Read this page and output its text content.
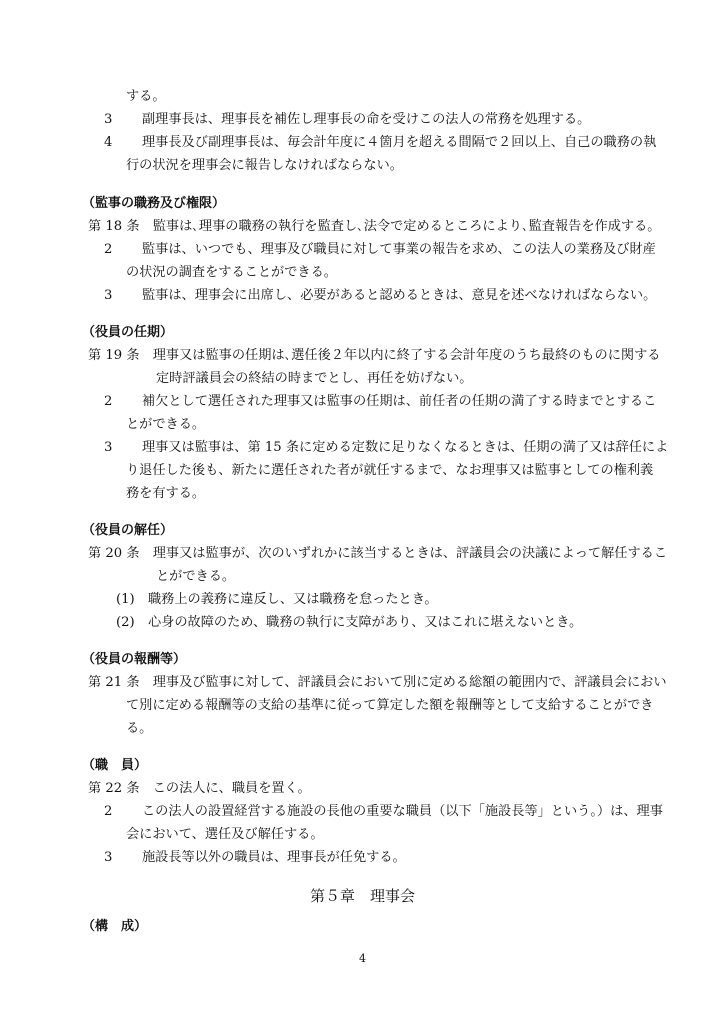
する。
3 副理事長は、理事長を補佐し理事長の命を受けこの法人の常務を処理する。
4 理事長及び副理事長は、毎会計年度に４箇月を超える間隔で２回以上、自己の職務の執
行の状況を理事会に報告しなければならない。
（監事の職務及び権限）
第 18 条　監事は､理事の職務の執行を監査し､法令で定めるところにより､監査報告を作成する。
2 監事は、いつでも、理事及び職員に対して事業の報告を求め、この法人の業務及び財産
の状況の調査をすることができる。
3 監事は、理事会に出席し、必要があると認めるときは、意見を述べなければならない。
（役員の任期）
第 19 条　理事又は監事の任期は､選任後２年以内に終了する会計年度のうち最終のものに関する
定時評議員会の終結の時までとし、再任を妨げない。
2 補欠として選任された理事又は監事の任期は、前任者の任期の満了する時までとするこ
とができる。
3 理事又は監事は、第 15 条に定める定数に足りなくなるときは、任期の満了又は辞任によ
り退任した後も、新たに選任された者が就任するまで、なお理事又は監事としての権利義
務を有する。
（役員の解任）
第 20 条　理事又は監事が、次のいずれかに該当するときは、評議員会の決議によって解任するこ
とができる。
(1) 職務上の義務に違反し、又は職務を怠ったとき。
(2) 心身の故障のため、職務の執行に支障があり、又はこれに堪えないとき。
（役員の報酬等）
第 21 条　理事及び監事に対して、評議員会において別に定める総額の範囲内で、評議員会におい
て別に定める報酬等の支給の基準に従って算定した額を報酬等として支給することができ
る。
（職　員）
第 22 条　この法人に、職員を置く。
2 この法人の設置経営する施設の長他の重要な職員（以下「施設長等」という。）は、理事
会において、選任及び解任する。
3 施設長等以外の職員は、理事長が任免する。
第５章　理事会
（構　成）
4
